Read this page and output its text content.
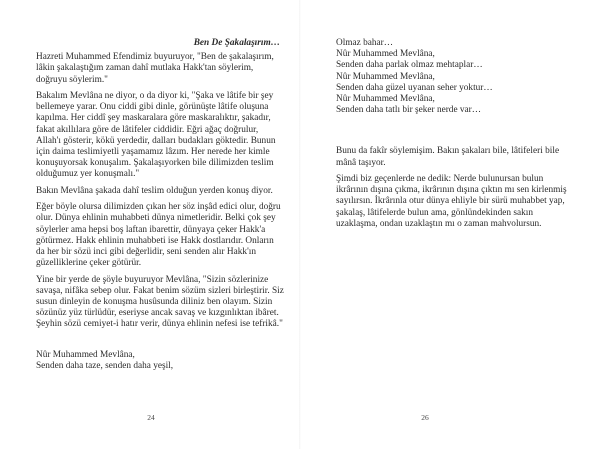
Ben De Şakalaşırım…

Hazreti Muhammed Efendimiz buyuruyor, "Ben de şakalaşırım, lâkin şakalaştığım zaman dahî mutlaka Hakk'tan söylerim, doğruyu söylerim."

Bakalım Mevlâna ne diyor, o da diyor ki, "Şaka ve lâtife bir şey bellemeye yarar. Onu ciddi gibi dinle, görünüşte lâtife oluşuna kapılma. Her ciddî şey maskaralara göre maskaralıktır, şakadır, fakat akıllılara göre de lâtifeler ciddidir. Eğri ağaç doğrulur, Allah'ı gösterir, kökü yerdedir, dalları budakları göktedir. Bunun için daima teslimiyetli yaşamamız lâzım. Her nerede her kimle konuşuyorsak konuşalım. Şakalaşıyorken bile dilimizden teslim olduğumuz yer konuşmalı."

Bakın Mevlâna şakada dahî teslim olduğun yerden konuş diyor.

Eğer böyle olursa dilimizden çıkan her söz inşâd edici olur, doğru olur. Dünya ehlinin muhabbeti dünya nimetleridir. Belki çok şey söylerler ama hepsi boş laftan ibarettir, dünyaya çeker Hakk'a götürmez. Hakk ehlinin muhabbeti ise Hakk dostlarıdır. Onların da her bir sözü inci gibi değerlidir, seni senden alır Hakk'ın güzelliklerine çeker götürür.

Yine bir yerde de şöyle buyuruyor Mevlâna, "Sizin sözlerinize savaşa, nifâka sebep olur. Fakat benim sözüm sizleri birleştirir. Siz susun dinleyin de konuşma husûsunda diliniz ben olayım. Sizin sözünüz yüz türlüdür, eseriyse ancak savaş ve kızgınlıktan ibâret. Şeyhin sözü cemiyet-i hatır verir, dünya ehlinin nefesi ise tefrikâ."

Nûr Muhammed Mevlâna,
Senden daha taze, senden daha yeşil,
24
Olmaz bahar…
Nûr Muhammed Mevlâna,
Senden daha parlak olmaz mehtaplar…
Nûr Muhammed Mevlâna,
Senden daha güzel uyanan seher yoktur…
Nûr Muhammed Mevlâna,
Senden daha tatlı bir şeker nerde var…

Bunu da fakîr söylemişim. Bakın şakaları bile, lâtifeleri bile mânâ taşıyor.

Şimdi biz geçenlerde ne dedik: Nerde bulunursan bulun ikrârının dışına çıkma, ikrârının dışına çıktın mı sen kirlenmiş sayılırsın. İkrârınla otur dünya ehliyle bir sürü muhabbet yap, şakalaş, lâtifelerde bulun ama, gönlündekinden sakın uzaklaşma, ondan uzaklaştın mı o zaman mahvolursun.

26
